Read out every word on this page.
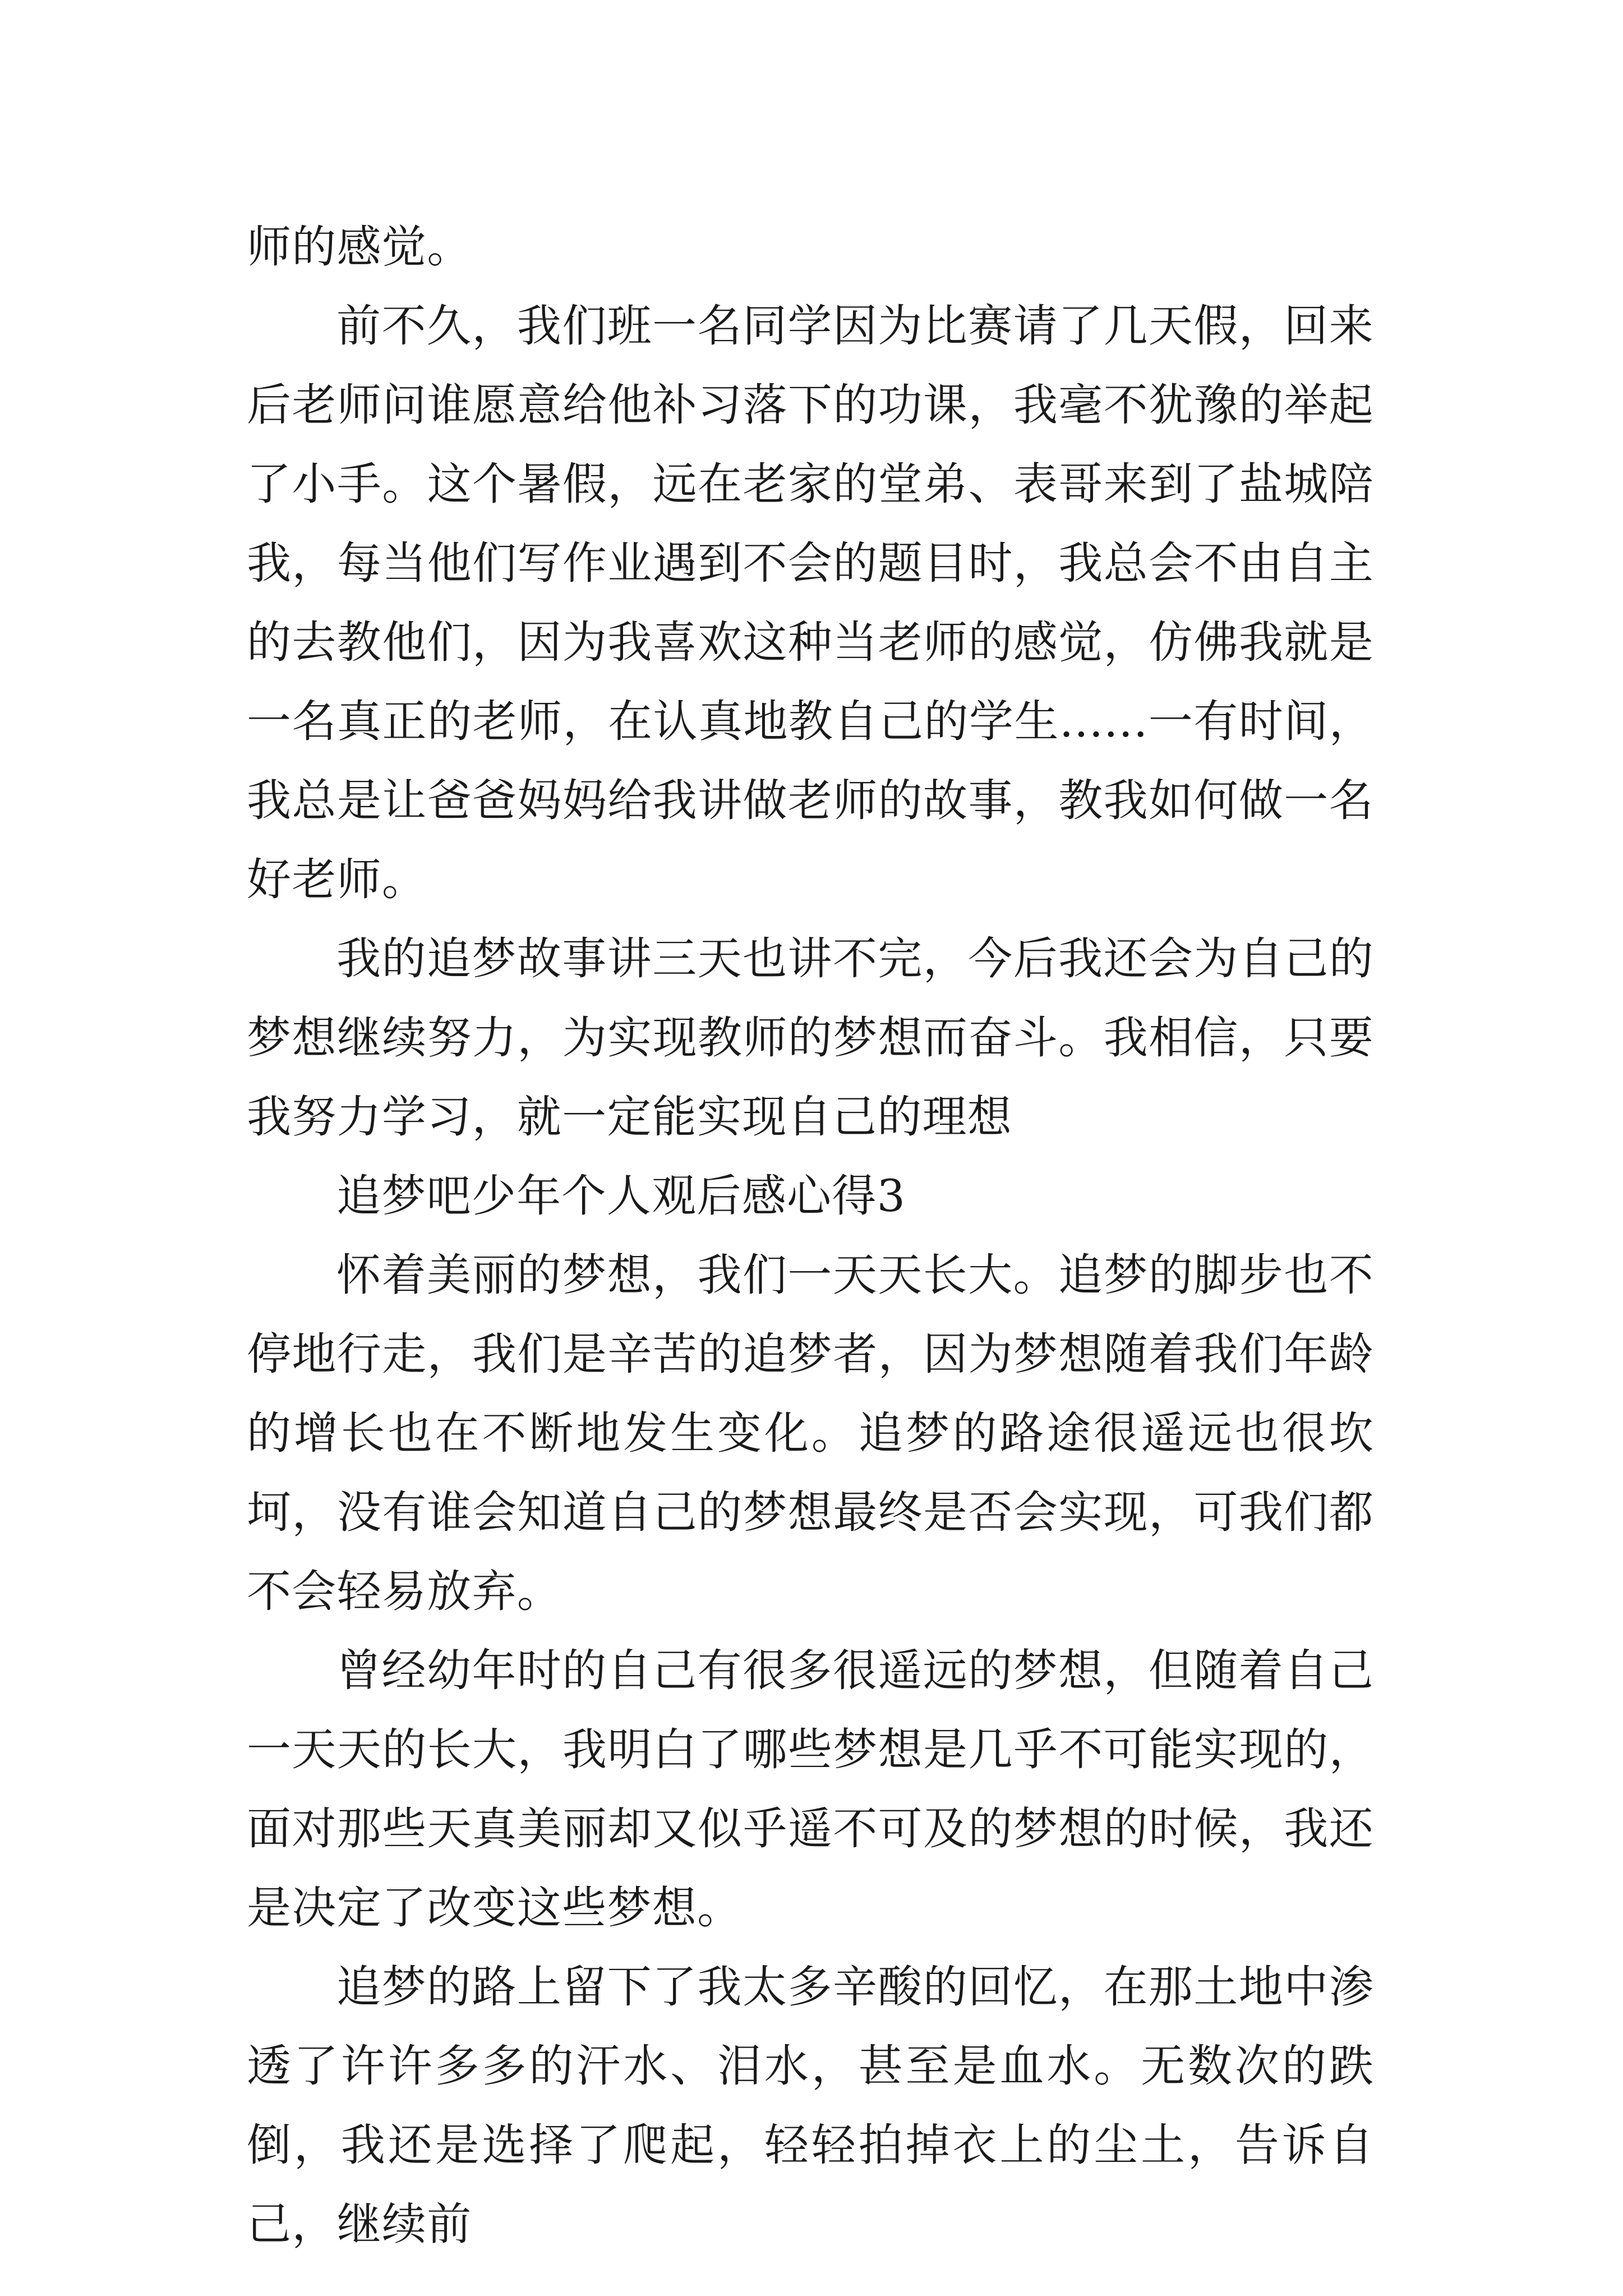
师的感觉。

前不久，我们班一名同学因为比赛请了几天假，回来后老师问谁愿意给他补习落下的功课，我毫不犹豫的举起了小手。这个暑假，远在老家的堂弟、表哥来到了盐城陪我，每当他们写作业遇到不会的题目时，我总会不由自主的去教他们，因为我喜欢这种当老师的感觉，仿佛我就是一名真正的老师，在认真地教自己的学生......一有时间，我总是让爸爸妈妈给我讲做老师的故事，教我如何做一名好老师。

我的追梦故事讲三天也讲不完，今后我还会为自己的梦想继续努力，为实现教师的梦想而奋斗。我相信，只要我努力学习，就一定能实现自己的理想

追梦吧少年个人观后感心得3

怀着美丽的梦想，我们一天天长大。追梦的脚步也不停地行走，我们是辛苦的追梦者，因为梦想随着我们年龄的增长也在不断地发生变化。追梦的路途很遥远也很坎坷，没有谁会知道自己的梦想最终是否会实现，可我们都不会轻易放弃。

曾经幼年时的自己有很多很遥远的梦想，但随着自己一天天的长大，我明白了哪些梦想是几乎不可能实现的，面对那些天真美丽却又似乎遥不可及的梦想的时候，我还是决定了改变这些梦想。

追梦的路上留下了我太多辛酸的回忆，在那土地中渗透了许许多多的汗水、泪水，甚至是血水。无数次的跌倒，我还是选择了爬起，轻轻拍掉衣上的尘土，告诉自己，继续前
